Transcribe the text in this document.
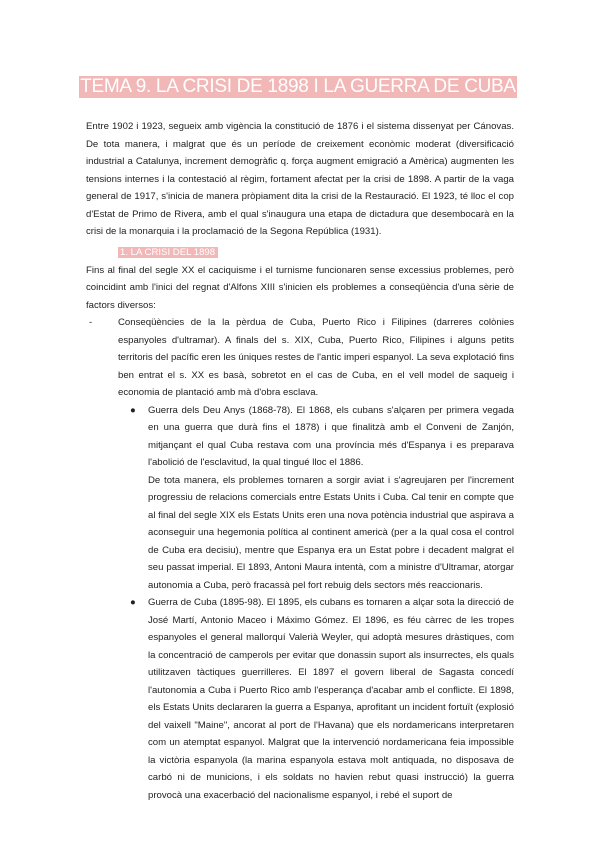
TEMA 9. LA CRISI DE 1898 I LA GUERRA DE CUBA

Entre 1902 i 1923, segueix amb vigència la constitució de 1876 i el sistema dissenyat per Cánovas. De tota manera, i malgrat que és un període de creixement econòmic moderat (diversificació industrial a Catalunya, increment demogràfic q. força augment emigració a Amèrica) augmenten les tensions internes i la contestació al règim, fortament afectat per la crisi de 1898. A partir de la vaga general de 1917, s'inicia de manera pròpiament dita la crisi de la Restauració. El 1923, té lloc el cop d'Estat de Primo de Rivera, amb el qual s'inaugura una etapa de dictadura que desembocarà en la crisi de la monarquia i la proclamació de la Segona República (1931).

1. LA CRISI DEL 1898

Fins al final del segle XX el caciquisme i el turnisme funcionaren sense excessius problemes, però coincidint amb l'inici del regnat d'Alfons XIII s'inicien els problemes a conseqüència d'una sèrie de factors diversos:

-	Conseqüències de la la pèrdua de Cuba, Puerto Rico i Filipines (darreres colònies espanyoles d'ultramar). A finals del s. XIX, Cuba, Puerto Rico, Filipines i alguns petits territoris del pacífic eren les úniques restes de l'antic imperi espanyol. La seva explotació fins ben entrat el s. XX es basà, sobretot en el cas de Cuba, en el vell model de saqueig i economia de plantació amb mà d'obra esclava.

● Guerra dels Deu Anys (1868-78). El 1868, els cubans s'alçaren per primera vegada en una guerra que durà fins el 1878) i que finalitzà amb el Conveni de Zanjón, mitjançant el qual Cuba restava com una província més d'Espanya i es preparava l'abolició de l'esclavitud, la qual tingué lloc el 1886.

De tota manera, els problemes tornaren a sorgir aviat i s'agreujaren per l'increment progressiu de relacions comercials entre Estats Units i Cuba. Cal tenir en compte que al final del segle XIX els Estats Units eren una nova potència industrial que aspirava a aconseguir una hegemonia política al continent americà (per a la qual cosa el control de Cuba era decisiu), mentre que Espanya era un Estat pobre i decadent malgrat el seu passat imperial. El 1893, Antoni Maura intentà, com a ministre d'Ultramar, atorgar autonomia a Cuba, però fracassà pel fort rebuig dels sectors més reaccionaris.

● Guerra de Cuba (1895-98). El 1895, els cubans es tornaren a alçar sota la direcció de José Martí, Antonio Maceo i Máximo Gómez. El 1896, es féu càrrec de les tropes espanyoles el general mallorquí Valerià Weyler, qui adoptà mesures dràstiques, com la concentració de camperols per evitar que donassin suport als insurrectes, els quals utilitzaven tàctiques guerrilleres. El 1897 el govern liberal de Sagasta concedí l'autonomia a Cuba i Puerto Rico amb l'esperança d'acabar amb el conflicte. El 1898, els Estats Units declararen la guerra a Espanya, aprofitant un incident fortuït (explosió del vaixell "Maine", ancorat al port de l'Havana) que els nordamericans interpretaren com un atemptat espanyol. Malgrat que la intervenció nordamericana feia impossible la victòria espanyola (la marina espanyola estava molt antiquada, no disposava de carbó ni de municions, i els soldats no havien rebut quasi instrucció) la guerra provocà una exacerbació del nacionalisme espanyol, i rebé el suport de
